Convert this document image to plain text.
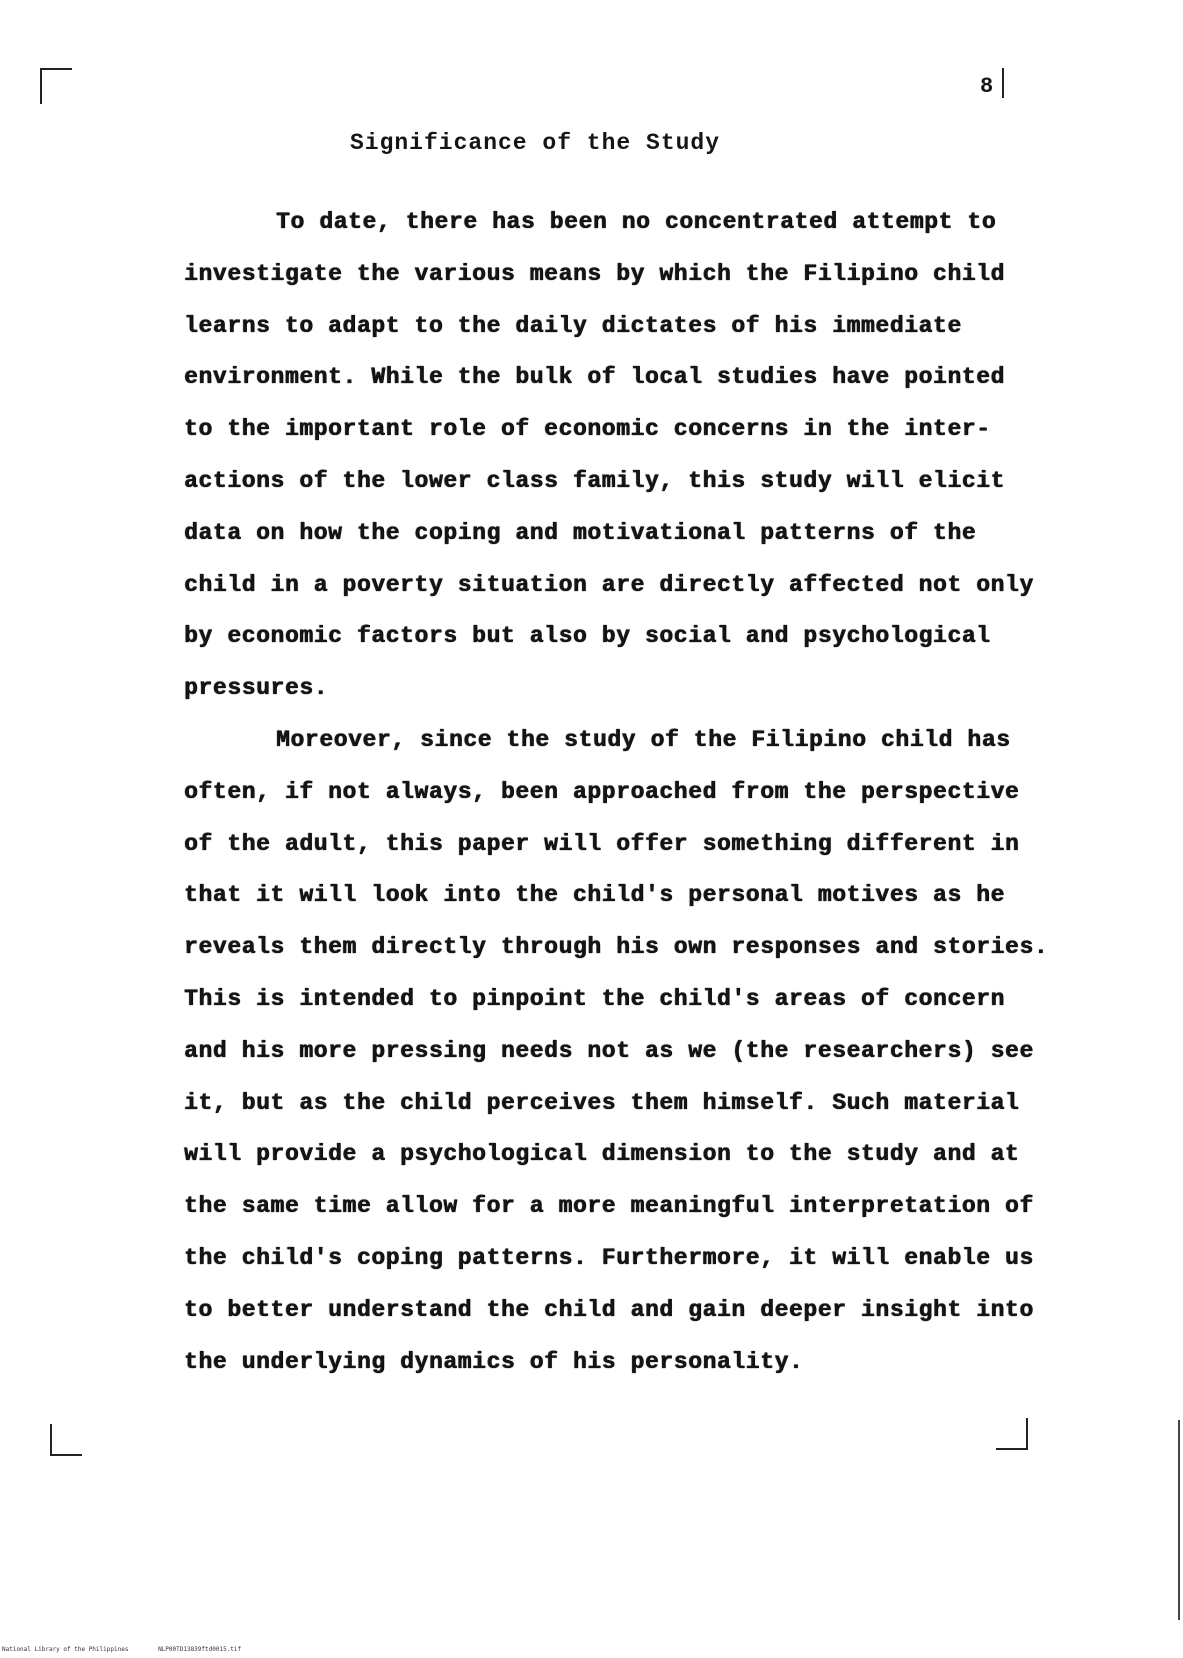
8
Significance of the Study
To date, there has been no concentrated attempt to
investigate the various means by which the Filipino child
learns to adapt to the daily dictates of his immediate
environment. While the bulk of local studies have pointed
to the important role of economic concerns in the inter-
actions of the lower class family, this study will elicit
data on how the coping and motivational patterns of the
child in a poverty situation are directly affected not only
by economic factors but also by social and psychological
pressures.
Moreover, since the study of the Filipino child has
often, if not always, been approached from the perspective
of the adult, this paper will offer something different in
that it will look into the child's personal motives as he
reveals them directly through his own responses and stories.
This is intended to pinpoint the child's areas of concern
and his more pressing needs not as we (the researchers) see
it, but as the child perceives them himself. Such material
will provide a psychological dimension to the study and at
the same time allow for a more meaningful interpretation of
the child's coping patterns. Furthermore, it will enable us
to better understand the child and gain deeper insight into
the underlying dynamics of his personality.
National Library of the Philippines	NLP00TD13839ftd0015.tif
